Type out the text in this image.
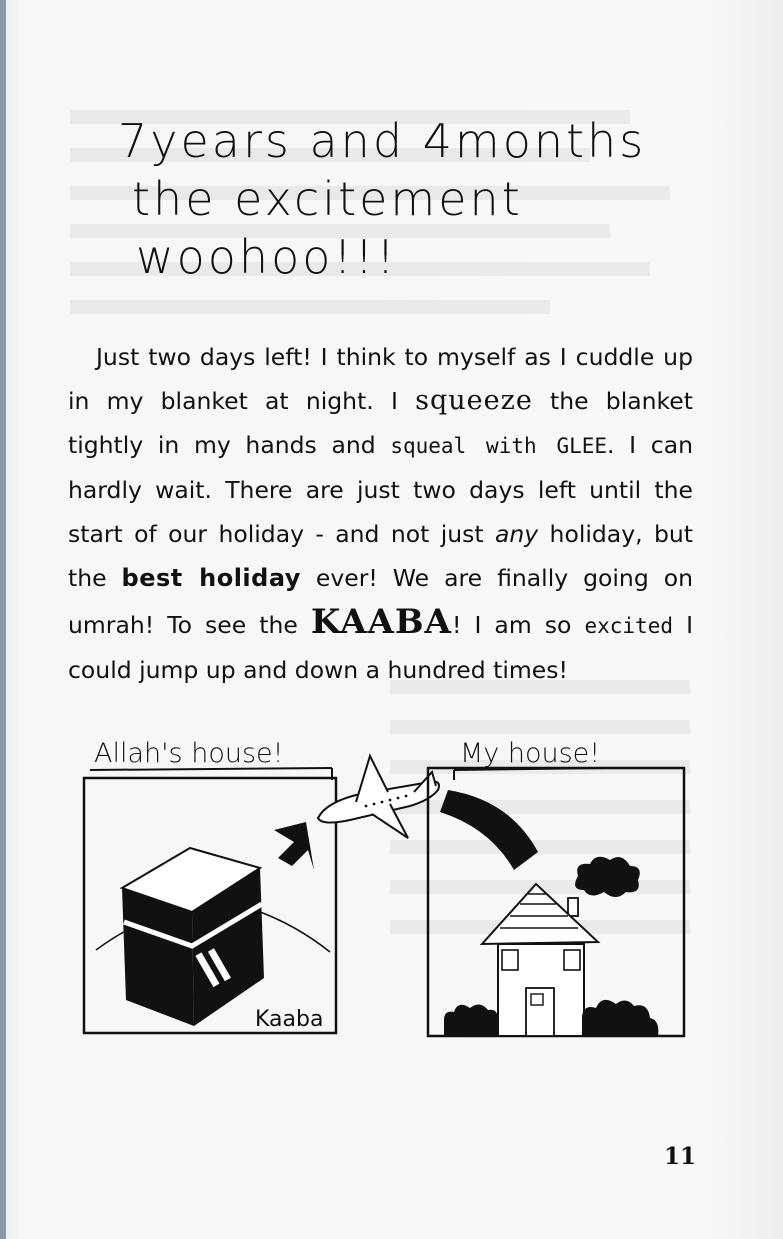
7years and 4months
the excitement
woohoo!!!

Just two days left! I think to myself as I cuddle up in my blanket at night. I squeeze the blanket tightly in my hands and squeal with GLEE. I can hardly wait. There are just two days left until the start of our holiday - and not just any holiday, but the best holiday ever! We are finally going on umrah! To see the KAABA! I am so excited I could jump up and down a hundred times!

Allah's house!
Kaaba
My house!
11
